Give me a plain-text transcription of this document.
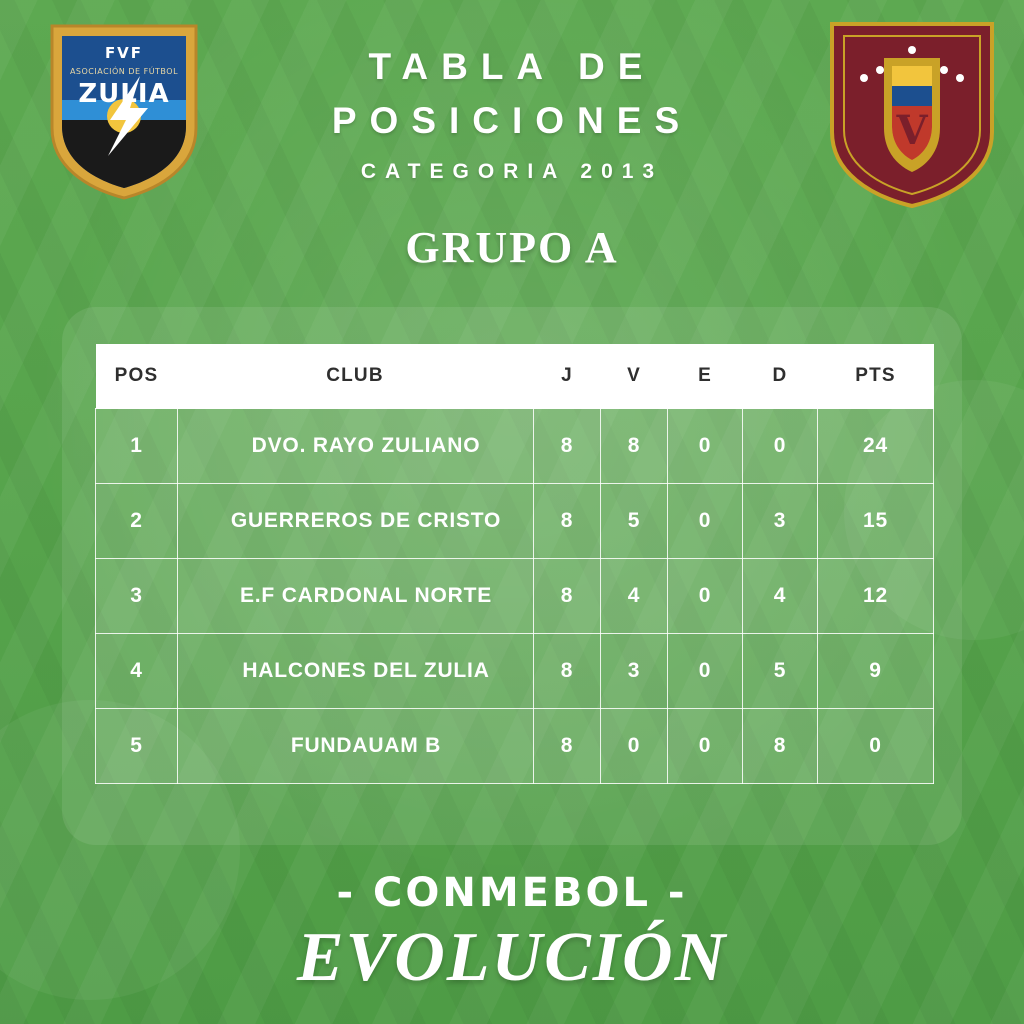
FVF
ASOCIACIÓN DE FÚTBOL
ZULIA
V
TABLA DE
POSICIONES
CATEGORIA 2013
GRUPO A
POS	CLUB	J	V	E	D	PTS
1	DVO. RAYO ZULIANO	8	8	0	0	24
2	GUERREROS DE CRISTO	8	5	0	3	15
3	E.F CARDONAL NORTE	8	4	0	4	12
4	HALCONES DEL ZULIA	8	3	0	5	9
5	FUNDAUAM B	8	0	0	8	0
- CONMEBOL -
EVOLUCIÓN
